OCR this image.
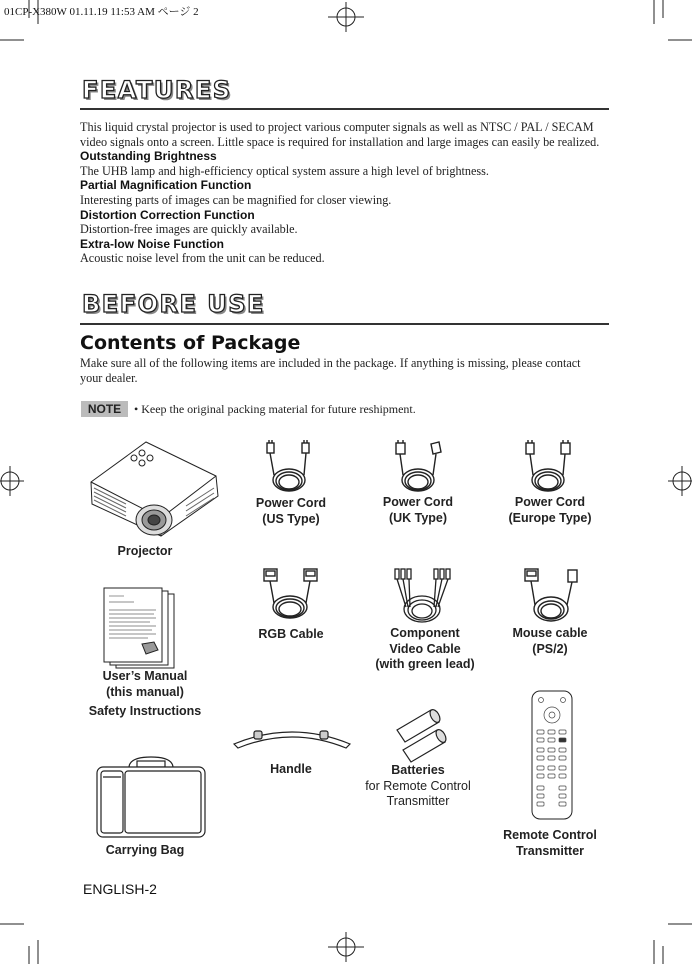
01CP-X380W 01.11.19 11:53 AM ページ 2
FEATURES
This liquid crystal projector is used to project various computer signals as well as NTSC / PAL / SECAM video signals onto a screen. Little space is required for installation and large images can easily be realized.
Outstanding Brightness
The UHB lamp and high-efficiency optical system assure a high level of brightness.
Partial Magnification Function
Interesting parts of images can be magnified for closer viewing.
Distortion Correction Function
Distortion-free images are quickly available.
Extra-low Noise Function
Acoustic noise level from the unit can be reduced.
BEFORE USE
Contents of Package
Make sure all of the following items are included in the package. If anything is missing, please contact your dealer.
NOTE	• Keep the original packing material for future reshipment.
Projector
Power Cord
(US Type)
Power Cord
(UK Type)
Power Cord
(Europe Type)
RGB Cable	Component
Video Cable
(with green lead)
Mouse cable
(PS/2)
User’s Manual
(this manual)
Safety Instructions
Handle	Batteries
for Remote Control
Transmitter
Carrying Bag
Remote Control
Transmitter
ENGLISH-2
